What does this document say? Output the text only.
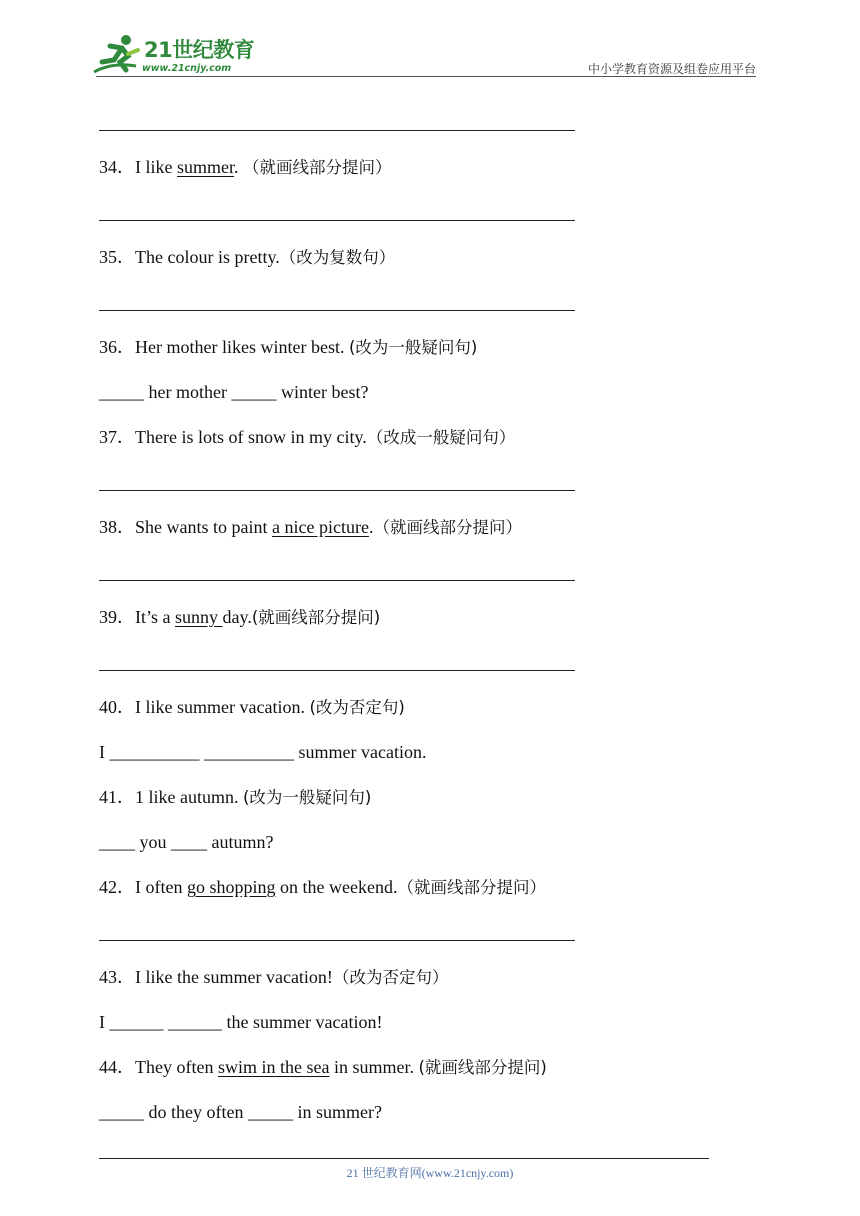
21世纪教育
www.21cnjy.com	中小学教育资源及组卷应用平台
34．I like summer. （就画线部分提问）
35．The colour is pretty.（改为复数句）
36．Her mother likes winter best. (改为一般疑问句)
_____ her mother _____ winter best?
37．There is lots of snow in my city.（改成一般疑问句）
38．She wants to paint a nice picture.（就画线部分提问）
39．It’s a sunny day.(就画线部分提问)
40．I like summer vacation. (改为否定句)
I __________ __________ summer vacation.
41．1 like autumn. (改为一般疑问句)
____ you ____ autumn?
42．I often go shopping on the weekend.（就画线部分提问）
43．I like the summer vacation!（改为否定句）
I ______ ______ the summer vacation!
44．They often swim in the sea in summer. (就画线部分提问)
_____ do they often _____ in summer?
21 世纪教育网(www.21cnjy.com)
